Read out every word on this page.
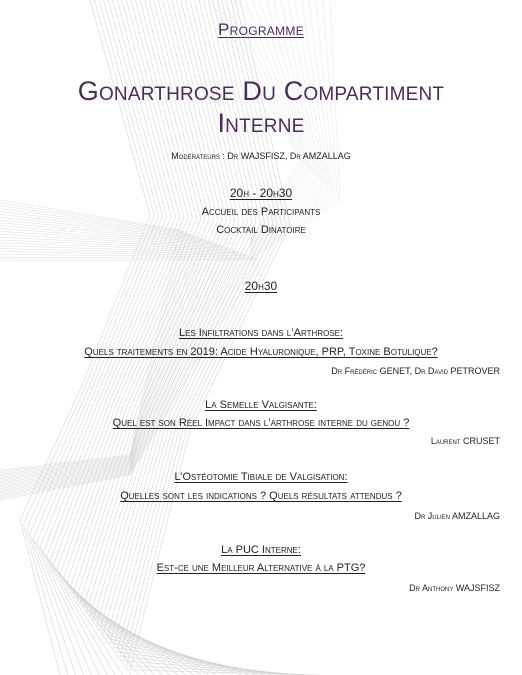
Programme
Gonarthrose Du Compartiment
Interne
Modérateurs : Dr WAJSFISZ, Dr AMZALLAG
20h - 20h30
Accueil des Participants
Cocktail Dinatoire
20h30
Les Infiltrations dans l’Arthrose:
Quels traitements en 2019: Acide Hyaluronique, PRP, Toxine Botulique?
Dr Frédéric GENET, Dr David PETROVER
La Semelle Valgisante:
Quel est son Réel Impact dans l’arthrose interne du genou ?
Laurent CRUSET
L’Ostéotomie Tibiale de Valgisation:
Quelles sont les indications ? Quels résultats attendus ?
Dr Julien AMZALLAG
La PUC Interne:
Est-ce une Meilleur Alternative à la PTG?
Dr Anthony WAJSFISZ
